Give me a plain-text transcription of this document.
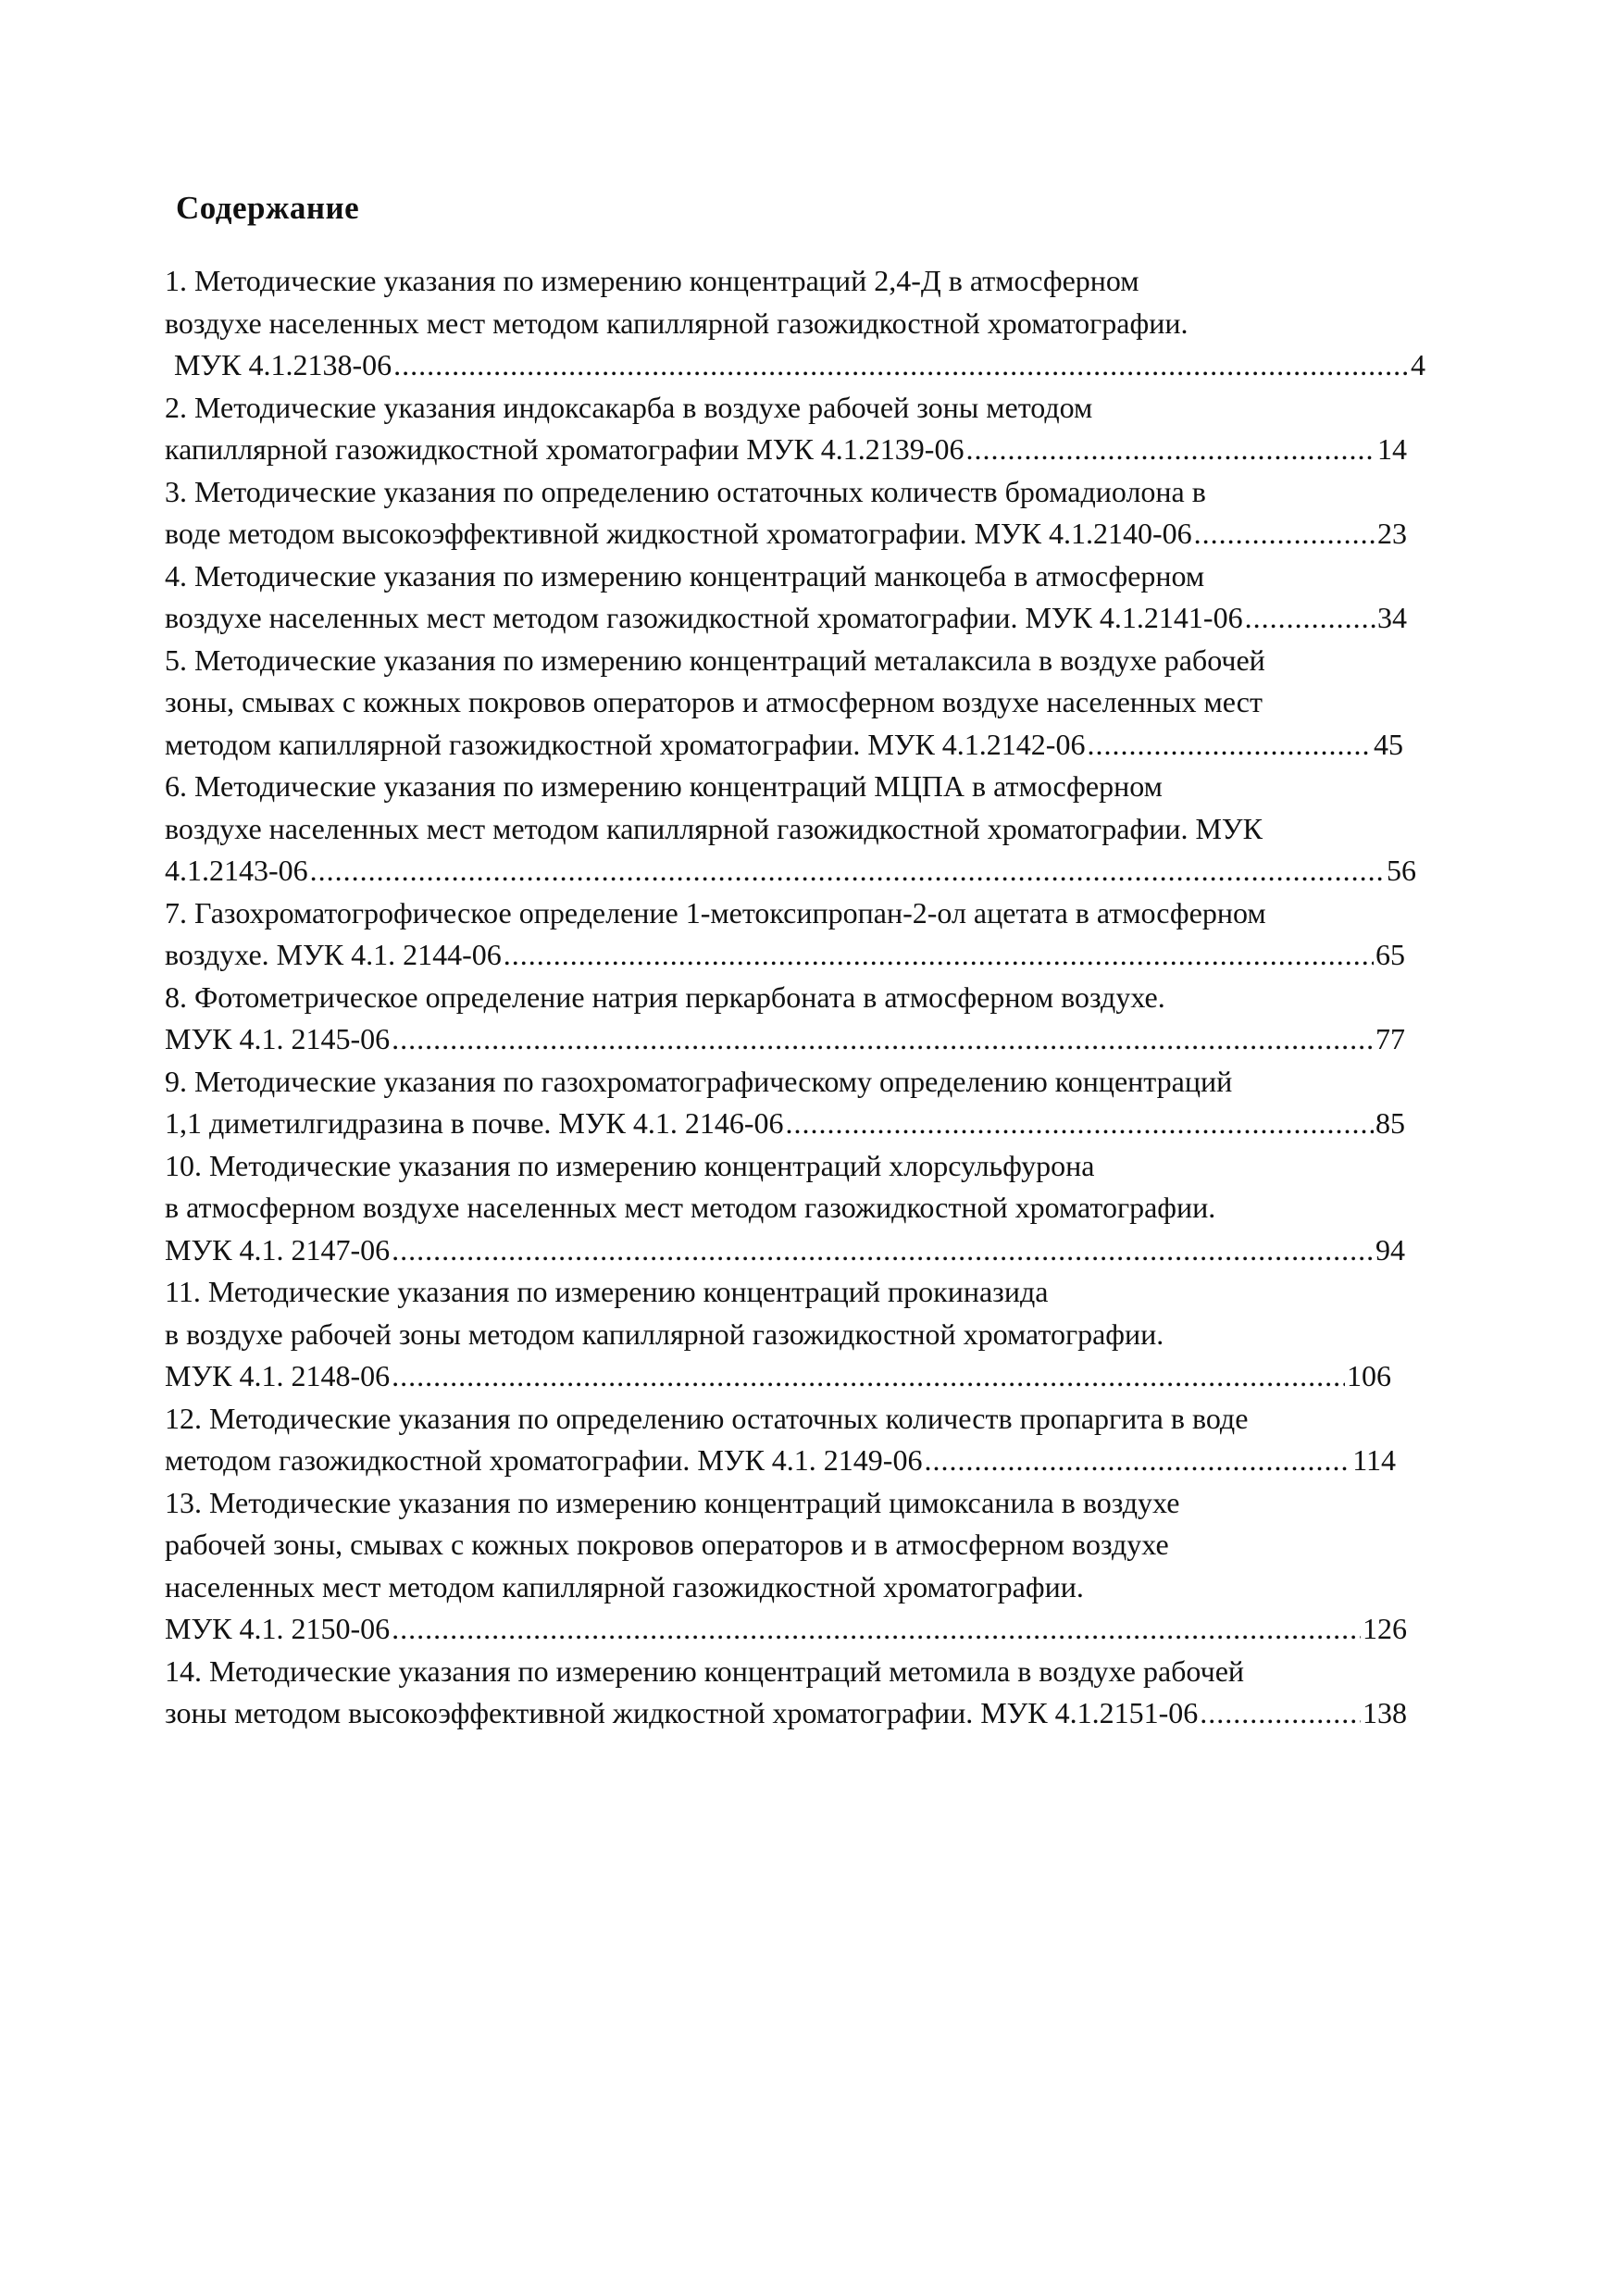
Содержание
1. Методические указания по измерению концентраций 2,4-Д в атмосферном
воздухе населенных мест методом капиллярной газожидкостной хроматографии.
МУК 4.1.2138-06 .....	4
2. Методические указания индоксакарба в воздухе рабочей зоны методом
капиллярной газожидкостной хроматографии МУК 4.1.2139-06 .....	14
3. Методические указания по определению остаточных количеств бромадиолона в
воде методом высокоэффективной жидкостной хроматографии. МУК 4.1.2140-06 .....	23
4. Методические указания по измерению концентраций манкоцеба в атмосферном
воздухе населенных мест методом газожидкостной хроматографии. МУК 4.1.2141-06 .....	34
5. Методические указания по измерению концентраций металаксила в воздухе рабочей
зоны, смывах с кожных покровов операторов и атмосферном воздухе населенных мест
методом капиллярной газожидкостной хроматографии. МУК 4.1.2142-06 .....	45
6. Методические указания по измерению концентраций МЦПА в атмосферном
воздухе населенных мест методом капиллярной газожидкостной хроматографии. МУК
4.1.2143-06 .....	56
7. Газохроматогрофическое определение 1-метоксипропан-2-ол ацетата в атмосферном
воздухе. МУК 4.1. 2144-06 .....	65
8. Фотометрическое определение натрия перкарбоната в атмосферном воздухе.
МУК 4.1. 2145-06 .....	77
9. Методические указания по газохроматографическому определению концентраций
1,1 диметилгидразина в почве. МУК 4.1. 2146-06 .....	85
10. Методические указания по измерению концентраций хлорсульфурона
в атмосферном воздухе населенных мест методом газожидкостной хроматографии.
МУК 4.1. 2147-06 .....	94
11. Методические указания по измерению концентраций прокиназида
в воздухе рабочей зоны методом капиллярной газожидкостной хроматографии.
МУК 4.1. 2148-06 .....	106
12. Методические указания по определению остаточных количеств пропаргита в воде
методом газожидкостной хроматографии. МУК 4.1. 2149-06 .....	114
13. Методические указания по измерению концентраций цимоксанила в воздухе
рабочей зоны, смывах с кожных покровов операторов и в атмосферном воздухе
населенных мест методом капиллярной газожидкостной хроматографии.
МУК 4.1. 2150-06 .....	126
14. Методические указания по измерению концентраций метомила в воздухе рабочей
зоны методом высокоэффективной жидкостной хроматографии. МУК 4.1.2151-06 .....	138
